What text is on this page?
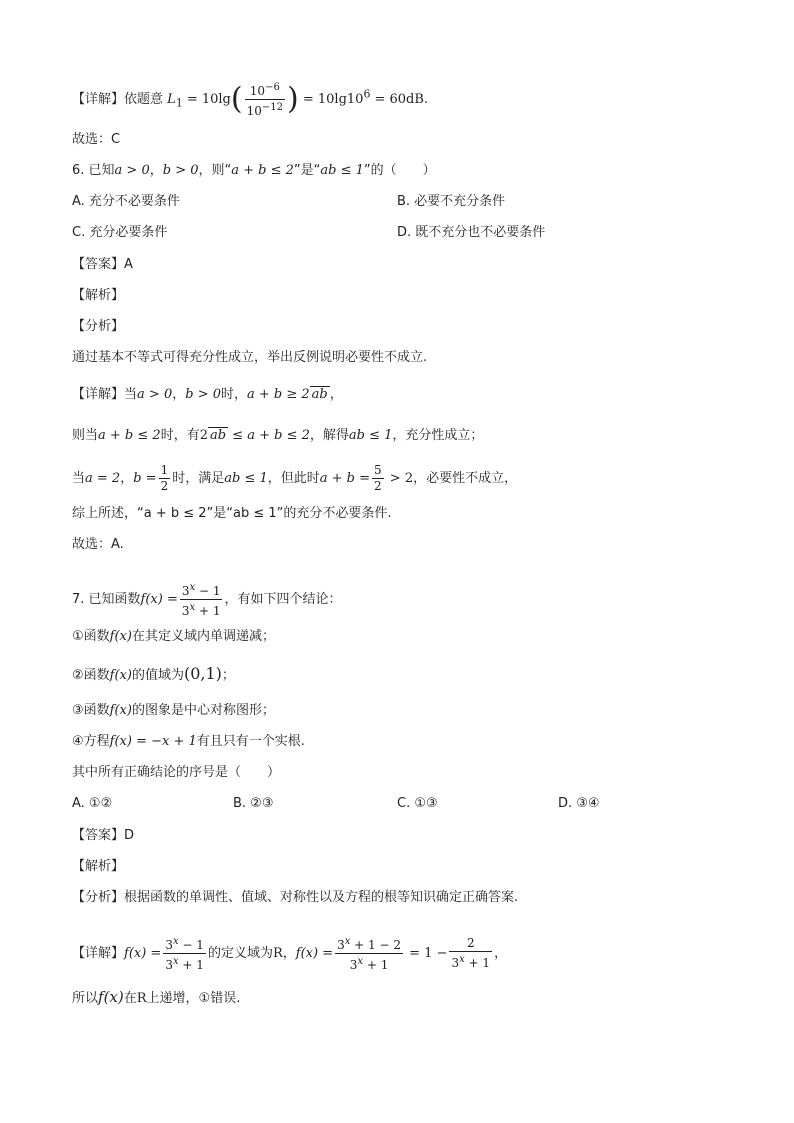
【详解】依题意 $L_1 = 10\lg( \frac{10^{-6}}{10^{-12}}$ ) = $10\lg 10^6 = 60dB$.
故选：C
6. 已知a > 0，b > 0，则“a + b ≤ 2”是“ab ≤ 1”的（　　）
A. 充分不必要条件	B. 必要不充分条件
C. 充分必要条件	D. 既不充分也不必要条件
【答案】A
【解析】
【分析】
通过基本不等式可得充分性成立，举出反例说明必要性不成立.
【详解】当a > 0，b > 0时，a + b ≥ 2 ab ，
则当a + b ≤ 2时，有2 ab ≤ a + b ≤ 2，解得ab ≤ 1，充分性成立；
当a = 2，$b = \frac{1}{2}$ 时，满足ab ≤ 1，但此时$a + b = \frac{5}{2} > 2$，必要性不成立，
综上所述，“a + b ≤ 2”是“ab ≤ 1”的充分不必要条件.
故选：A.
7. 已知函数$f(x) = \frac{3^x - 1}{3^x + 1}$ ，有如下四个结论：
①函数f(x)在其定义域内单调递减；
②函数f(x)的值域为(0,1)；
③函数f(x)的图象是中心对称图形；
④方程f(x) = −x + 1有且只有一个实根.
其中所有正确结论的序号是（　　）
A. ①②	B. ②③	C. ①③	D. ③④
【答案】D
【解析】
【分析】根据函数的单调性、值域、对称性以及方程的根等知识确定正确答案.
【详解】$f(x) = \frac{3^x - 1}{3^x + 1}$ 的定义域为R，$f(x) = \frac{3^x + 1 - 2}{3^x + 1} = 1 - \frac{2}{3^x + 1}$ ，
所以f(x)在R上递增，①错误.
